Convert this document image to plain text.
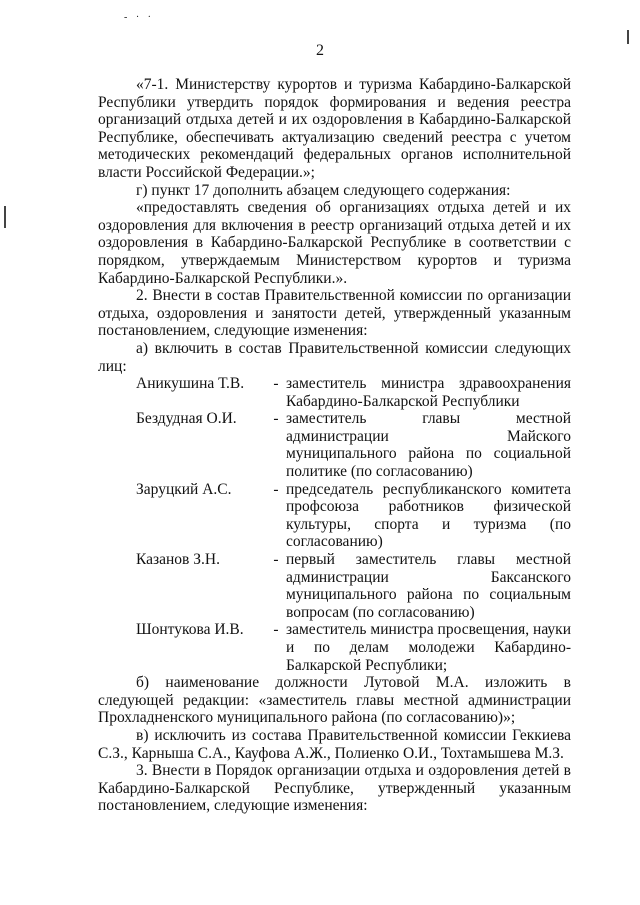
- · ·
2

«7-1. Министерству курортов и туризма Кабардино-Балкарской Республики утвердить порядок формирования и ведения реестра организаций отдыха детей и их оздоровления в Кабардино-Балкарской Республике, обеспечивать актуализацию сведений реестра с учетом методических рекомендаций федеральных органов исполнительной власти Российской Федерации.»;

г) пункт 17 дополнить абзацем следующего содержания:

«предоставлять сведения об организациях отдыха детей и их оздоровления для включения в реестр организаций отдыха детей и их оздоровления в Кабардино-Балкарской Республике в соответствии с порядком, утверждаемым Министерством курортов и туризма Кабардино-Балкарской Республики.».

2. Внести в состав Правительственной комиссии по организации отдыха, оздоровления и занятости детей, утвержденный указанным постановлением, следующие изменения:

а) включить в состав Правительственной комиссии следующих лиц:

Аникушина Т.В.	- заместитель министра здравоохранения Кабардино-Балкарской Республики
Бездудная О.И.	- заместитель главы местной администрации Майского муниципального района по социальной политике (по согласованию)
Заруцкий А.С.	- председатель республиканского комитета профсоюза работников физической культуры, спорта и туризма (по согласованию)
Казанов З.Н.	- первый заместитель главы местной администрации Баксанского муниципального района по социальным вопросам (по согласованию)
Шонтукова И.В.	- заместитель министра просвещения, науки и по делам молодежи Кабардино-Балкарской Республики;

б) наименование должности Лутовой М.А. изложить в следующей редакции: «заместитель главы местной администрации Прохладненского муниципального района (по согласованию)»;

в) исключить из состава Правительственной комиссии Геккиева С.З., Карныша С.А., Кауфова А.Ж., Полиенко О.И., Тохтамышева М.З.

3. Внести в Порядок организации отдыха и оздоровления детей в Кабардино-Балкарской Республике, утвержденный указанным постановлением, следующие изменения:
